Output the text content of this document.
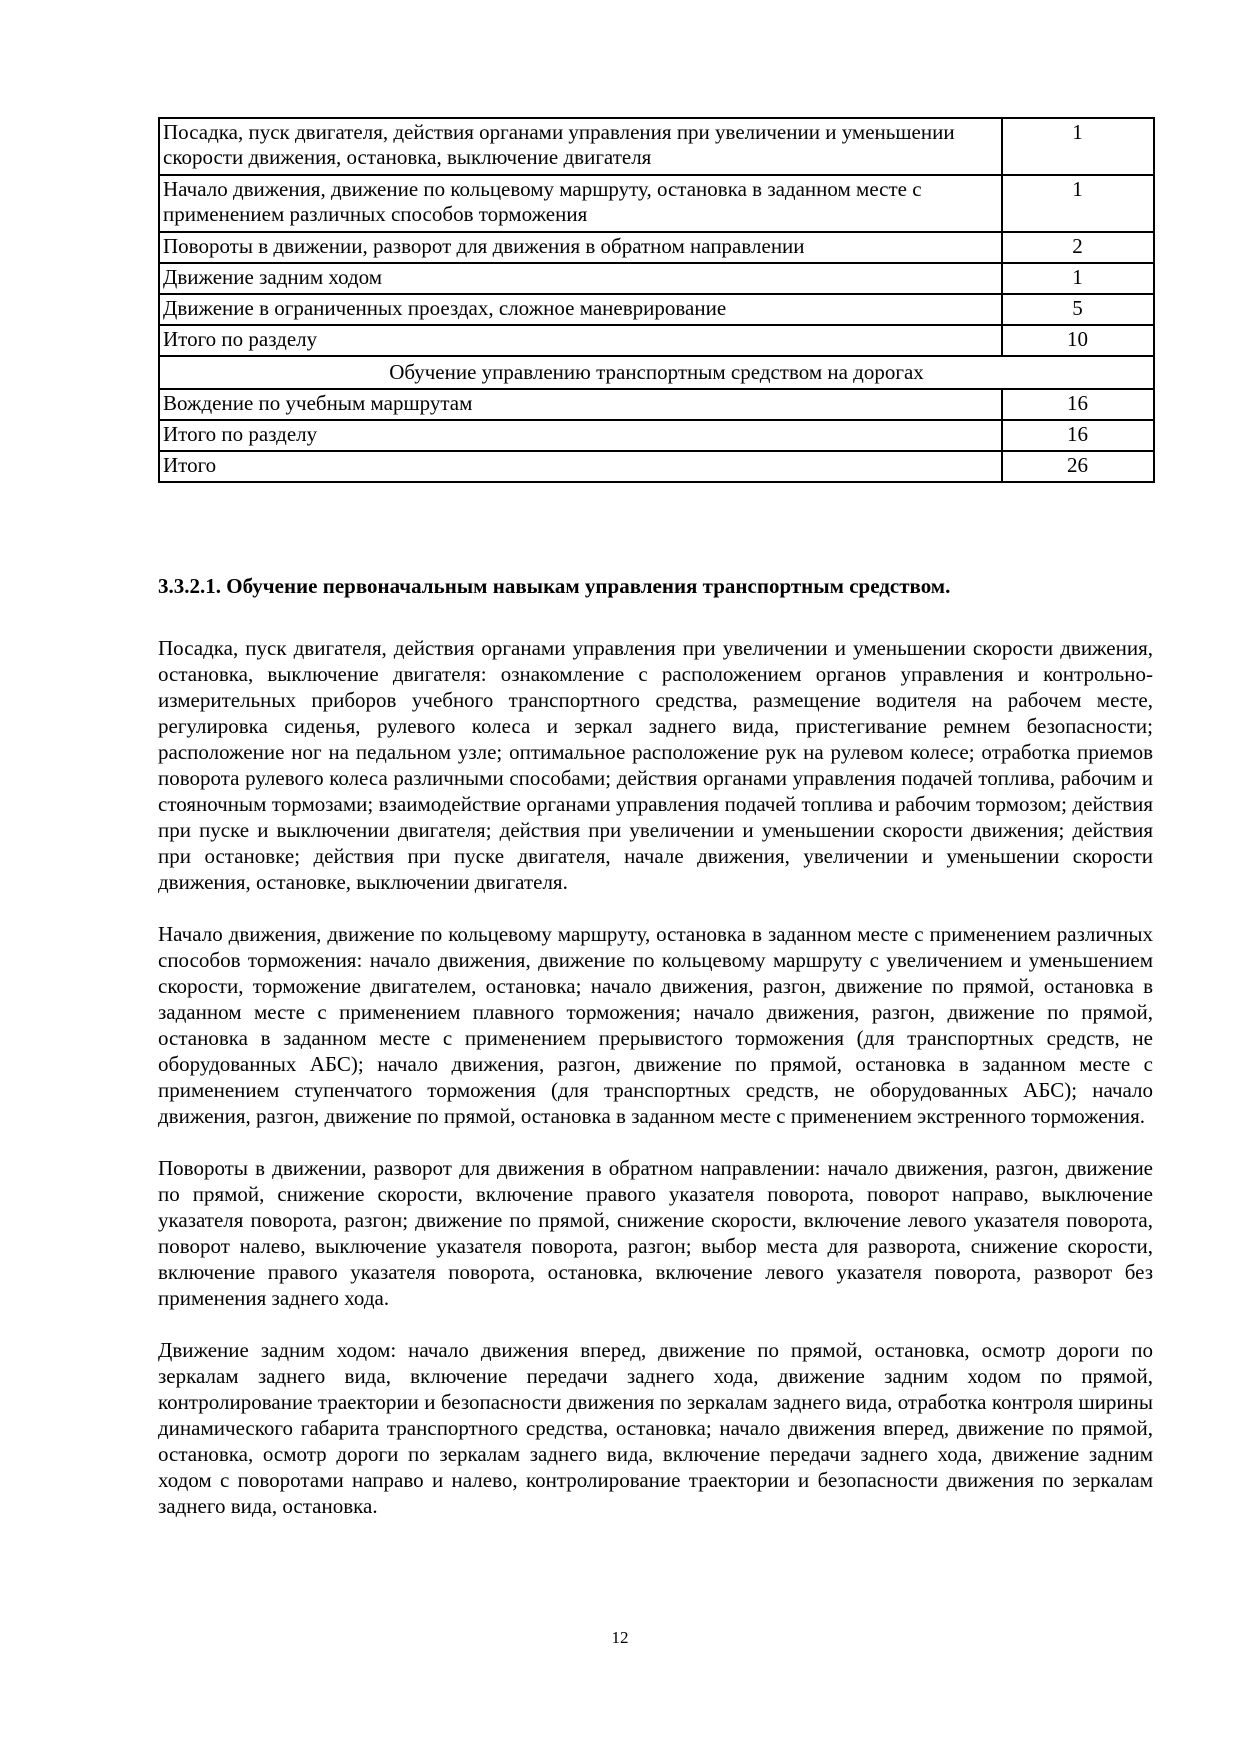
Посадка, пуск двигателя, действия органами управления при увеличении и уменьшении скорости движения, остановка, выключение двигателя	1
Начало движения, движение по кольцевому маршруту, остановка в заданном месте с применением различных способов торможения	1
Повороты в движении, разворот для движения в обратном направлении	2
Движение задним ходом	1
Движение в ограниченных проездах, сложное маневрирование	5
Итого по разделу	10
Обучение управлению транспортным средством на дорогах	
Вождение по учебным маршрутам	16
Итого по разделу	16
Итого	26
3.3.2.1. Обучение первоначальным навыкам управления транспортным средством.

Посадка, пуск двигателя, действия органами управления при увеличении и уменьшении скорости движения, остановка, выключение двигателя: ознакомление с расположением органов управления и контрольно-измерительных приборов учебного транспортного средства, размещение водителя на рабочем месте, регулировка сиденья, рулевого колеса и зеркал заднего вида, пристегивание ремнем безопасности; расположение ног на педальном узле; оптимальное расположение рук на рулевом колесе; отработка приемов поворота рулевого колеса различными способами; действия органами управления подачей топлива, рабочим и стояночным тормозами; взаимодействие органами управления подачей топлива и рабочим тормозом; действия при пуске и выключении двигателя; действия при увеличении и уменьшении скорости движения; действия при остановке; действия при пуске двигателя, начале движения, увеличении и уменьшении скорости движения, остановке, выключении двигателя.

Начало движения, движение по кольцевому маршруту, остановка в заданном месте с применением различных способов торможения: начало движения, движение по кольцевому маршруту с увеличением и уменьшением скорости, торможение двигателем, остановка; начало движения, разгон, движение по прямой, остановка в заданном месте с применением плавного торможения; начало движения, разгон, движение по прямой, остановка в заданном месте с применением прерывистого торможения (для транспортных средств, не оборудованных АБС); начало движения, разгон, движение по прямой, остановка в заданном месте с применением ступенчатого торможения (для транспортных средств, не оборудованных АБС); начало движения, разгон, движение по прямой, остановка в заданном месте с применением экстренного торможения.

Повороты в движении, разворот для движения в обратном направлении: начало движения, разгон, движение по прямой, снижение скорости, включение правого указателя поворота, поворот направо, выключение указателя поворота, разгон; движение по прямой, снижение скорости, включение левого указателя поворота, поворот налево, выключение указателя поворота, разгон; выбор места для разворота, снижение скорости, включение правого указателя поворота, остановка, включение левого указателя поворота, разворот без применения заднего хода.

Движение задним ходом: начало движения вперед, движение по прямой, остановка, осмотр дороги по зеркалам заднего вида, включение передачи заднего хода, движение задним ходом по прямой, контролирование траектории и безопасности движения по зеркалам заднего вида, отработка контроля ширины динамического габарита транспортного средства, остановка; начало движения вперед, движение по прямой, остановка, осмотр дороги по зеркалам заднего вида, включение передачи заднего хода, движение задним ходом с поворотами направо и налево, контролирование траектории и безопасности движения по зеркалам заднего вида, остановка.

12
